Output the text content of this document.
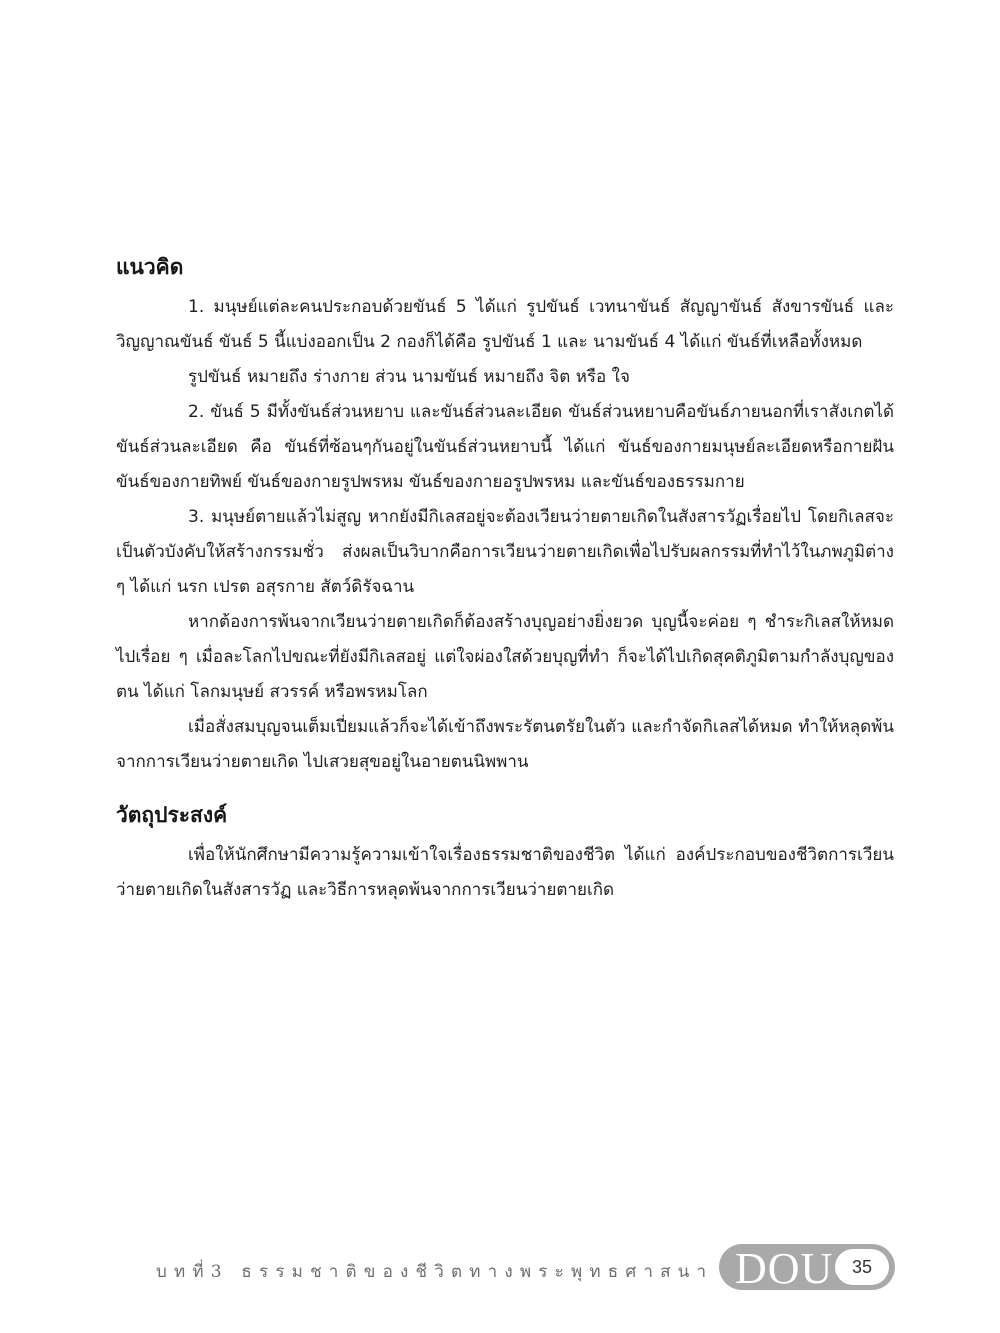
แนวคิด

1. มนุษย์แต่ละคนประกอบด้วยขันธ์ 5 ได้แก่ รูปขันธ์ เวทนาขันธ์ สัญญาขันธ์ สังขารขันธ์ และวิญญาณขันธ์ ขันธ์ 5 นี้แบ่งออกเป็น 2 กองก็ได้คือ รูปขันธ์ 1 และ นามขันธ์ 4 ได้แก่ ขันธ์ที่เหลือทั้งหมด

รูปขันธ์ หมายถึง ร่างกาย ส่วน นามขันธ์ หมายถึง จิต หรือ ใจ

2. ขันธ์ 5 มีทั้งขันธ์ส่วนหยาบ และขันธ์ส่วนละเอียด ขันธ์ส่วนหยาบคือขันธ์ภายนอกที่เราสังเกตได้ ขันธ์ส่วนละเอียด คือ ขันธ์ที่ซ้อนๆกันอยู่ในขันธ์ส่วนหยาบนี้ ได้แก่ ขันธ์ของกายมนุษย์ละเอียดหรือกายฝัน ขันธ์ของกายทิพย์ ขันธ์ของกายรูปพรหม ขันธ์ของกายอรูปพรหม และขันธ์ของธรรมกาย

3. มนุษย์ตายแล้วไม่สูญ หากยังมีกิเลสอยู่จะต้องเวียนว่ายตายเกิดในสังสารวัฏเรื่อยไป โดยกิเลสจะเป็นตัวบังคับให้สร้างกรรมชั่ว ส่งผลเป็นวิบากคือการเวียนว่ายตายเกิดเพื่อไปรับผลกรรมที่ทำไว้ในภพภูมิต่าง ๆ ได้แก่ นรก เปรต อสุรกาย สัตว์ดิรัจฉาน

หากต้องการพ้นจากเวียนว่ายตายเกิดก็ต้องสร้างบุญอย่างยิ่งยวด บุญนี้จะค่อย ๆ ชำระกิเลสให้หมดไปเรื่อย ๆ เมื่อละโลกไปขณะที่ยังมีกิเลสอยู่ แต่ใจผ่องใสด้วยบุญที่ทำ ก็จะได้ไปเกิดสุคติภูมิตามกำลังบุญของตน ได้แก่ โลกมนุษย์ สวรรค์ หรือพรหมโลก

เมื่อสั่งสมบุญจนเต็มเปี่ยมแล้วก็จะได้เข้าถึงพระรัตนตรัยในตัว และกำจัดกิเลสได้หมด ทำให้หลุดพ้นจากการเวียนว่ายตายเกิด ไปเสวยสุขอยู่ในอายตนนิพพาน

วัตถุประสงค์

เพื่อให้นักศึกษามีความรู้ความเข้าใจเรื่องธรรมชาติของชีวิต ได้แก่ องค์ประกอบของชีวิตการเวียนว่ายตายเกิดในสังสารวัฏ และวิธีการหลุดพ้นจากการเวียนว่ายตายเกิด

บทที่3 ธรรมชาติของชีวิตทางพระพุทธศาสนา DOU	35
